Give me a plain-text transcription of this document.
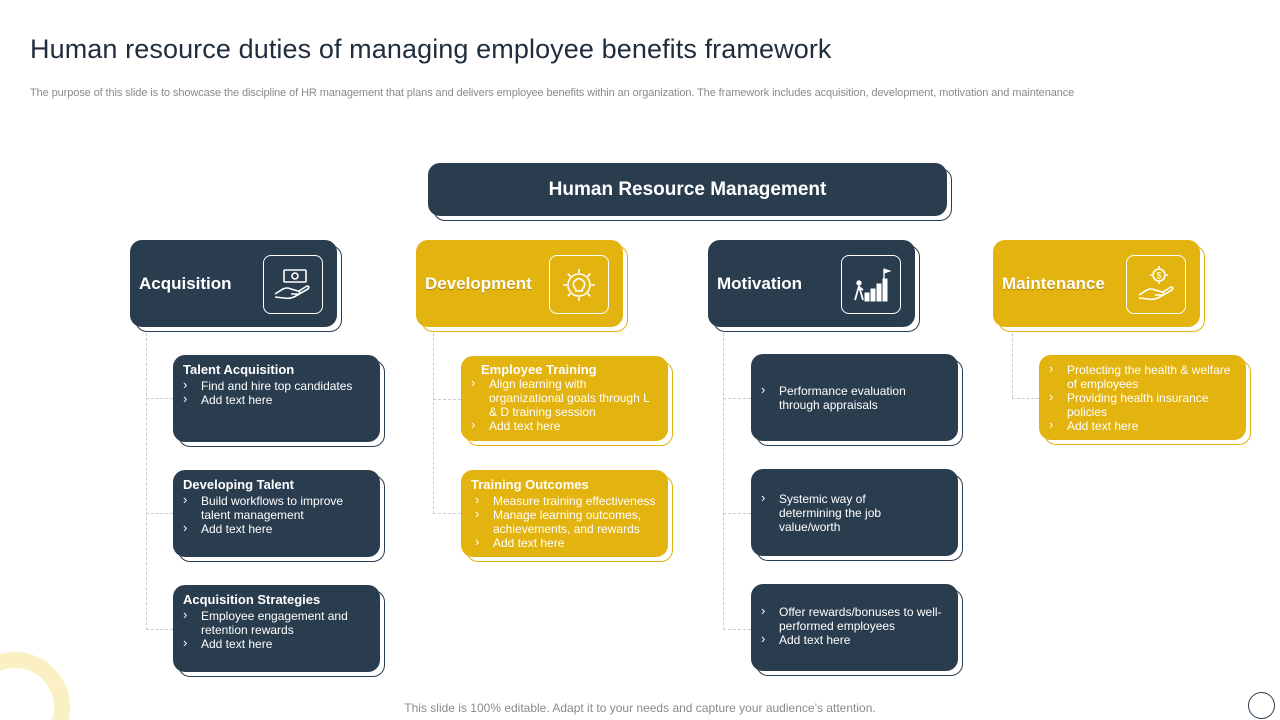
Human resource duties of managing employee benefits framework

The purpose of this slide is to showcase the discipline of HR management that plans and delivers employee benefits within an organization. The framework includes acquisition, development, motivation and maintenance

Human Resource Management
Acquisition
Talent Acquisition
› Find and hire top candidates
› Add text here
Developing Talent
› Build workflows to improve talent management
› Add text here
Acquisition Strategies
› Employee engagement and retention rewards
› Add text here
Development
Employee Training
› Align learning with organizational goals through L & D training session
› Add text here
Training Outcomes
› Measure training effectiveness
› Manage learning outcomes, achievements, and rewards
› Add text here
Motivation
› Performance evaluation through appraisals
› Systemic way of determining the job value/worth
› Offer rewards/bonuses to well-performed employees
› Add text here
Maintenance	$
› Protecting the health & welfare of employees
› Providing health insurance policies
› Add text here

This slide is 100% editable. Adapt it to your needs and capture your audience’s attention.
